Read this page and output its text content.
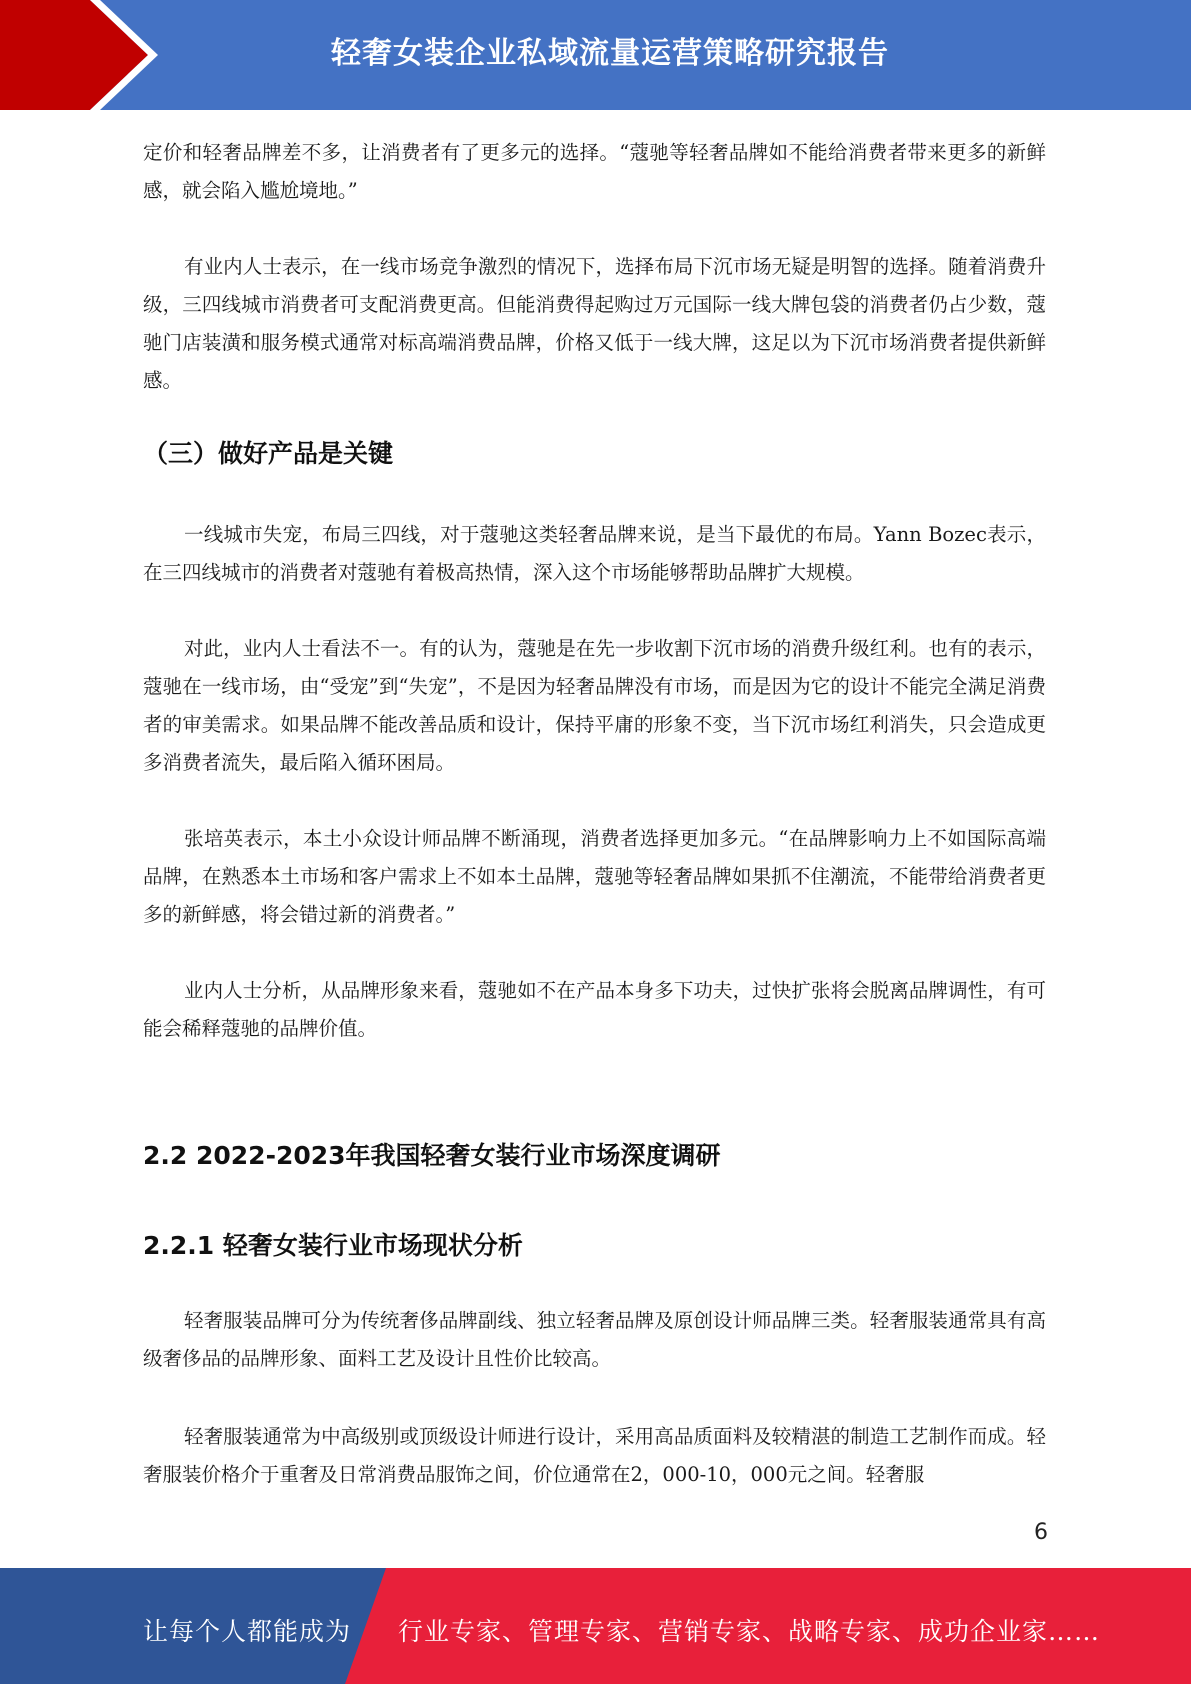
轻奢女装企业私域流量运营策略研究报告

定价和轻奢品牌差不多，让消费者有了更多元的选择。“蔻驰等轻奢品牌如不能给消费者带来更多的新鲜感，就会陷入尴尬境地。”

有业内人士表示，在一线市场竞争激烈的情况下，选择布局下沉市场无疑是明智的选择。随着消费升级，三四线城市消费者可支配消费更高。但能消费得起购过万元国际一线大牌包袋的消费者仍占少数，蔻驰门店装潢和服务模式通常对标高端消费品牌，价格又低于一线大牌，这足以为下沉市场消费者提供新鲜感。

（三）做好产品是关键

一线城市失宠，布局三四线，对于蔻驰这类轻奢品牌来说，是当下最优的布局。Yann Bozec表示，在三四线城市的消费者对蔻驰有着极高热情，深入这个市场能够帮助品牌扩大规模。

对此，业内人士看法不一。有的认为，蔻驰是在先一步收割下沉市场的消费升级红利。也有的表示，蔻驰在一线市场，由“受宠”到“失宠”，不是因为轻奢品牌没有市场，而是因为它的设计不能完全满足消费者的审美需求。如果品牌不能改善品质和设计，保持平庸的形象不变，当下沉市场红利消失，只会造成更多消费者流失，最后陷入循环困局。

张培英表示，本土小众设计师品牌不断涌现，消费者选择更加多元。“在品牌影响力上不如国际高端品牌，在熟悉本土市场和客户需求上不如本土品牌，蔻驰等轻奢品牌如果抓不住潮流，不能带给消费者更多的新鲜感，将会错过新的消费者。”

业内人士分析，从品牌形象来看，蔻驰如不在产品本身多下功夫，过快扩张将会脱离品牌调性，有可能会稀释蔻驰的品牌价值。

2.2 2022-2023年我国轻奢女装行业市场深度调研
2.2.1 轻奢女装行业市场现状分析

轻奢服装品牌可分为传统奢侈品牌副线、独立轻奢品牌及原创设计师品牌三类。轻奢服装通常具有高级奢侈品的品牌形象、面料工艺及设计且性价比较高。

轻奢服装通常为中高级别或顶级设计师进行设计，采用高品质面料及较精湛的制造工艺制作而成。轻奢服装价格介于重奢及日常消费品服饰之间，价位通常在2，000-10，000元之间。轻奢服

6
让每个人都能成为 行业专家、管理专家、营销专家、战略专家、成功企业家……
